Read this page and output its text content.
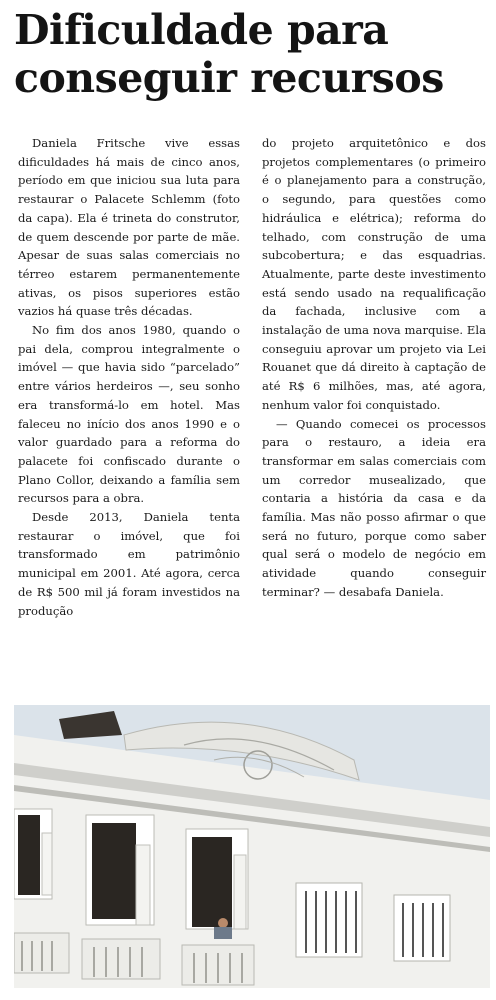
Dificuldade para
conseguir recursos

Daniela Fritsche vive essas dificuldades há mais de cinco anos, período em que iniciou sua luta para restaurar o Palacete Schlemm (foto da capa). Ela é trineta do construtor, de quem descende por parte de mãe. Apesar de suas salas comerciais no térreo estarem permanentemente ativas, os pisos superiores estão vazios há quase três décadas.

No fim dos anos 1980, quando o pai dela, comprou integralmente o imóvel — que havia sido “parcelado” entre vários herdeiros —, seu sonho era transformá-lo em hotel. Mas faleceu no início dos anos 1990 e o valor guardado para a reforma do palacete foi confiscado durante o Plano Collor, deixando a família sem recursos para a obra.

Desde 2013, Daniela tenta restaurar o imóvel, que foi transformado em patrimônio municipal em 2001. Até agora, cerca de R$ 500 mil já foram investidos na produção

do projeto arquitetônico e dos projetos complementares (o primeiro é o planejamento para a construção, o segundo, para questões como hidráulica e elétrica); reforma do telhado, com construção de uma subcobertura; e das esquadrias. Atualmente, parte deste investimento está sendo usado na requalificação da fachada, inclusive com a instalação de uma nova marquise. Ela conseguiu aprovar um projeto via Lei Rouanet que dá direito à captação de até R$ 6 milhões, mas, até agora, nenhum valor foi conquistado.

— Quando comecei os processos para o restauro, a ideia era transformar em salas comerciais com um corredor musealizado, que contaria a história da casa e da família. Mas não posso afirmar o que será no futuro, porque como saber qual será o modelo de negócio em atividade quando conseguir terminar? — desabafa Daniela.
